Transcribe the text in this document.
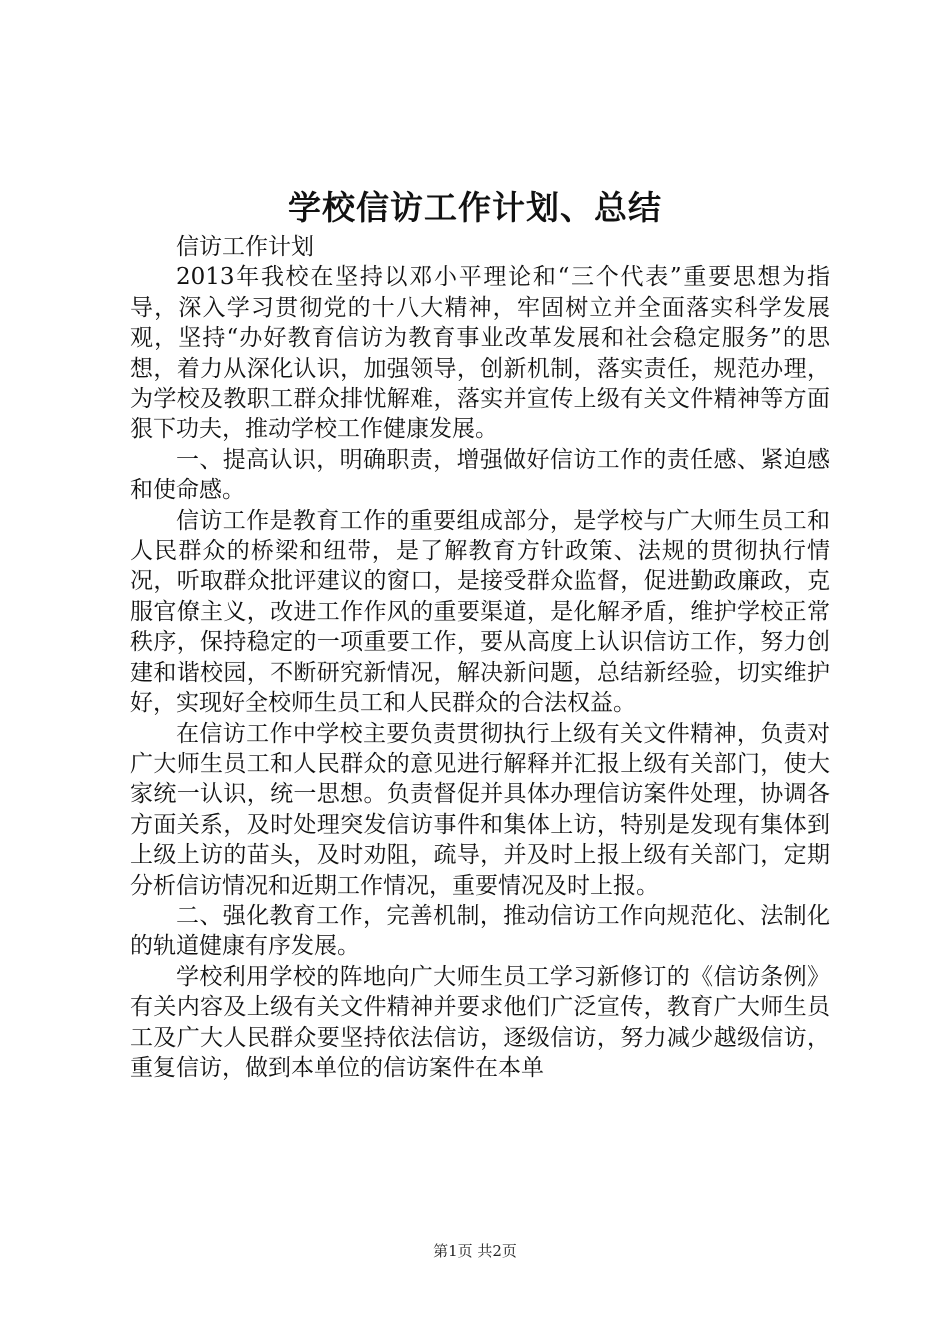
学校信访工作计划、总结

信访工作计划

2013年我校在坚持以邓小平理论和“三个代表”重要思想为指导，深入学习贯彻党的十八大精神，牢固树立并全面落实科学发展观，坚持“办好教育信访为教育事业改革发展和社会稳定服务”的思想，着力从深化认识，加强领导，创新机制，落实责任，规范办理，为学校及教职工群众排忧解难，落实并宣传上级有关文件精神等方面狠下功夫，推动学校工作健康发展。

一、提高认识，明确职责，增强做好信访工作的责任感、紧迫感和使命感。

信访工作是教育工作的重要组成部分，是学校与广大师生员工和人民群众的桥梁和纽带，是了解教育方针政策、法规的贯彻执行情况，听取群众批评建议的窗口，是接受群众监督，促进勤政廉政，克服官僚主义，改进工作作风的重要渠道，是化解矛盾，维护学校正常秩序，保持稳定的一项重要工作，要从高度上认识信访工作，努力创建和谐校园，不断研究新情况，解决新问题，总结新经验，切实维护好，实现好全校师生员工和人民群众的合法权益。

在信访工作中学校主要负责贯彻执行上级有关文件精神，负责对广大师生员工和人民群众的意见进行解释并汇报上级有关部门，使大家统一认识，统一思想。负责督促并具体办理信访案件处理，协调各方面关系，及时处理突发信访事件和集体上访，特别是发现有集体到上级上访的苗头，及时劝阻，疏导，并及时上报上级有关部门，定期分析信访情况和近期工作情况，重要情况及时上报。

二、强化教育工作，完善机制，推动信访工作向规范化、法制化的轨道健康有序发展。

学校利用学校的阵地向广大师生员工学习新修订的《信访条例》有关内容及上级有关文件精神并要求他们广泛宣传，教育广大师生员工及广大人民群众要坚持依法信访，逐级信访，努力减少越级信访，重复信访，做到本单位的信访案件在本单

第1页 共2页
